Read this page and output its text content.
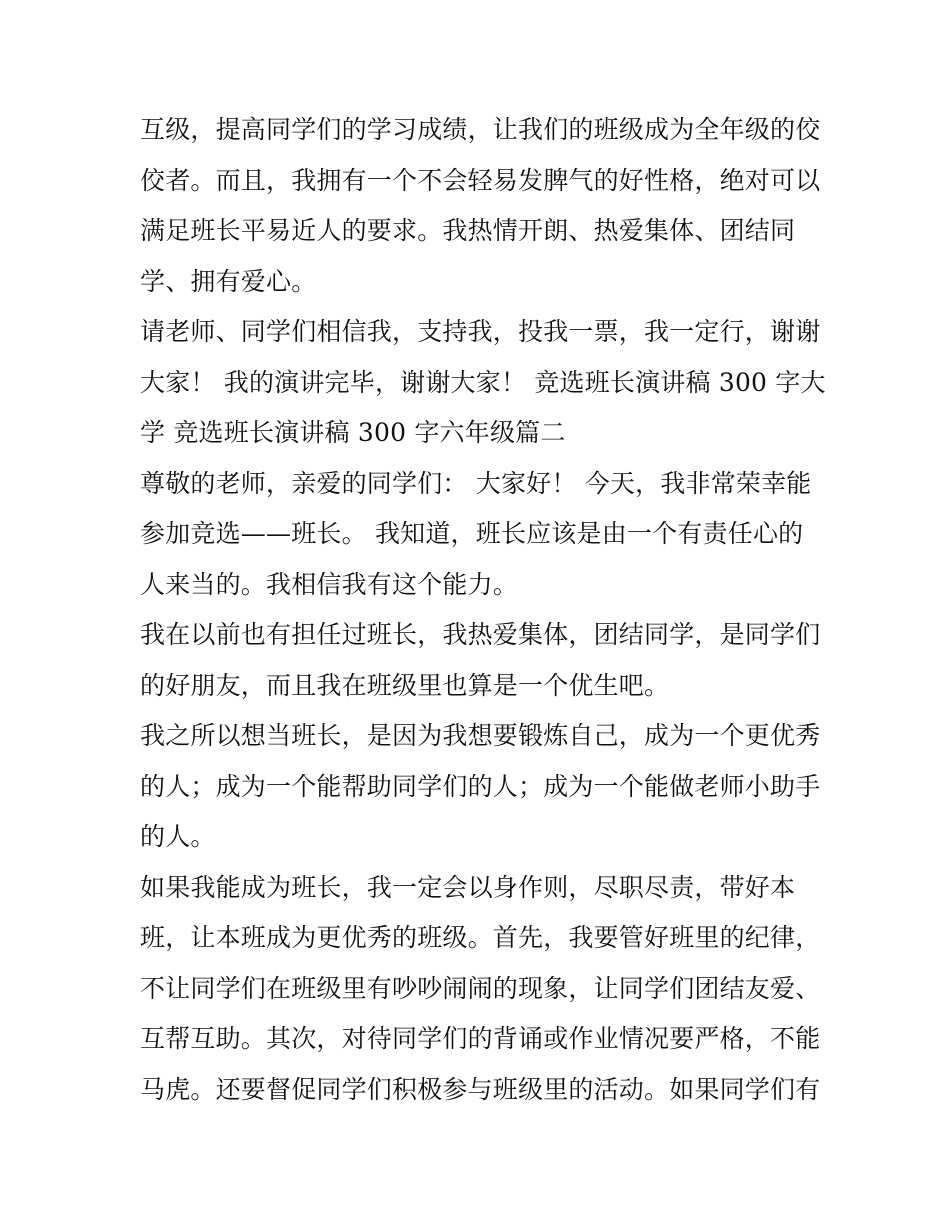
互级，提高同学们的学习成绩，让我们的班级成为全年级的佼
佼者。而且，我拥有一个不会轻易发脾气的好性格，绝对可以
满足班长平易近人的要求。我热情开朗、热爱集体、团结同
学、拥有爱心。
请老师、同学们相信我，支持我，投我一票，我一定行，谢谢
大家！ 我的演讲完毕，谢谢大家！ 竞选班长演讲稿 300 字大
学 竞选班长演讲稿 300 字六年级篇二
尊敬的老师，亲爱的同学们： 大家好！ 今天，我非常荣幸能
参加竞选——班长。 我知道，班长应该是由一个有责任心的
人来当的。我相信我有这个能力。
我在以前也有担任过班长，我热爱集体，团结同学，是同学们
的好朋友，而且我在班级里也算是一个优生吧。
我之所以想当班长，是因为我想要锻炼自己，成为一个更优秀
的人；成为一个能帮助同学们的人；成为一个能做老师小助手
的人。
如果我能成为班长，我一定会以身作则，尽职尽责，带好本
班，让本班成为更优秀的班级。首先，我要管好班里的纪律，
不让同学们在班级里有吵吵闹闹的现象，让同学们团结友爱、
互帮互助。其次，对待同学们的背诵或作业情况要严格，不能
马虎。还要督促同学们积极参与班级里的活动。如果同学们有
